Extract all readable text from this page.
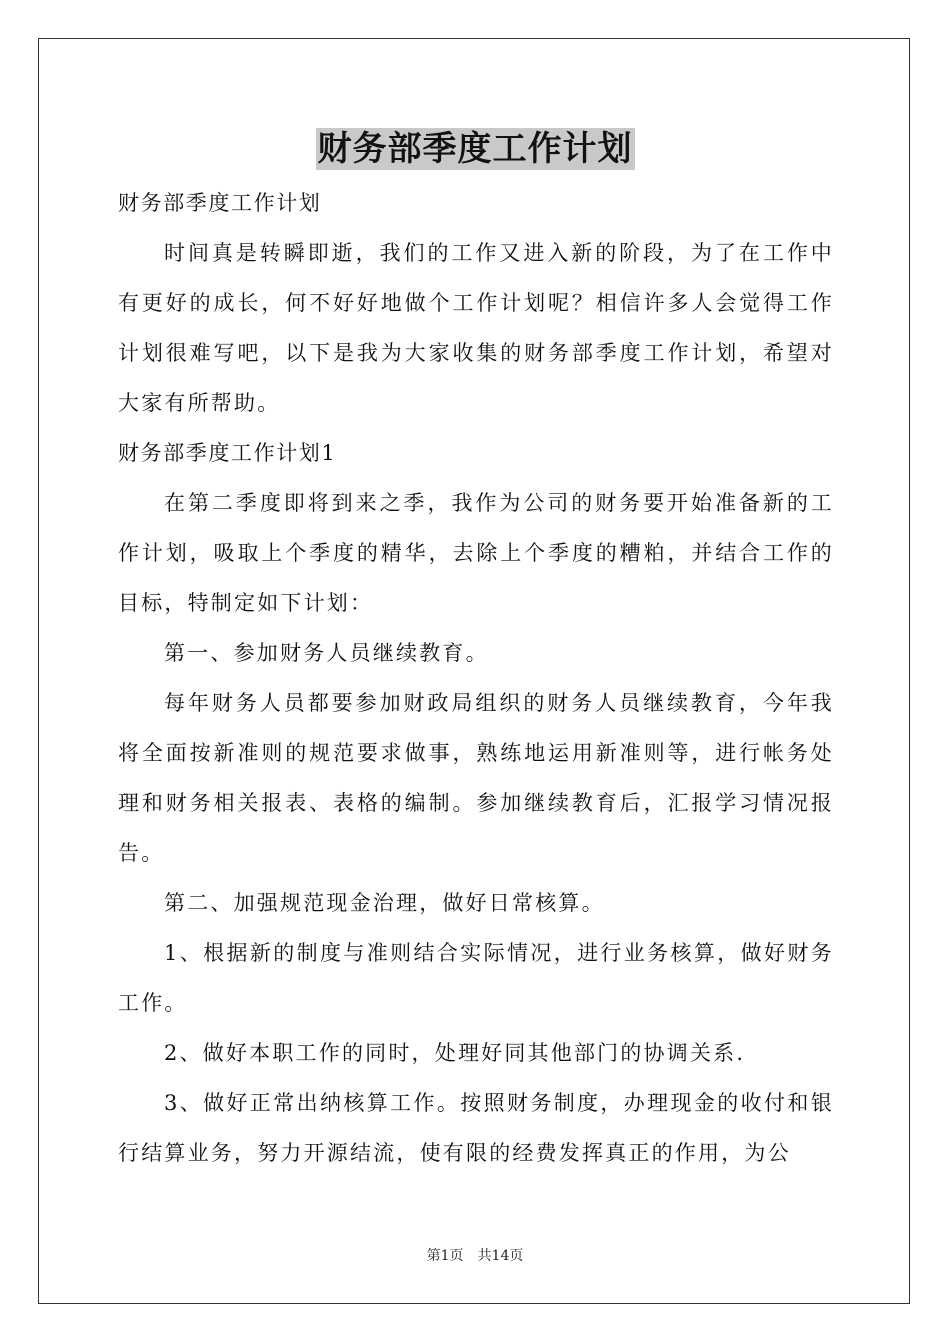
财务部季度工作计划

财务部季度工作计划

时间真是转瞬即逝，我们的工作又进入新的阶段，为了在工作中有更好的成长，何不好好地做个工作计划呢？相信许多人会觉得工作计划很难写吧，以下是我为大家收集的财务部季度工作计划，希望对大家有所帮助。

财务部季度工作计划1

在第二季度即将到来之季，我作为公司的财务要开始准备新的工作计划，吸取上个季度的精华，去除上个季度的糟粕，并结合工作的目标，特制定如下计划：

第一、参加财务人员继续教育。

每年财务人员都要参加财政局组织的财务人员继续教育，今年我将全面按新准则的规范要求做事，熟练地运用新准则等，进行帐务处理和财务相关报表、表格的编制。参加继续教育后，汇报学习情况报告。

第二、加强规范现金治理，做好日常核算。

1、根据新的制度与准则结合实际情况，进行业务核算，做好财务工作。

2、做好本职工作的同时，处理好同其他部门的协调关系.

3、做好正常出纳核算工作。按照财务制度，办理现金的收付和银行结算业务，努力开源结流，使有限的经费发挥真正的作用，为公

第1页 共14页
